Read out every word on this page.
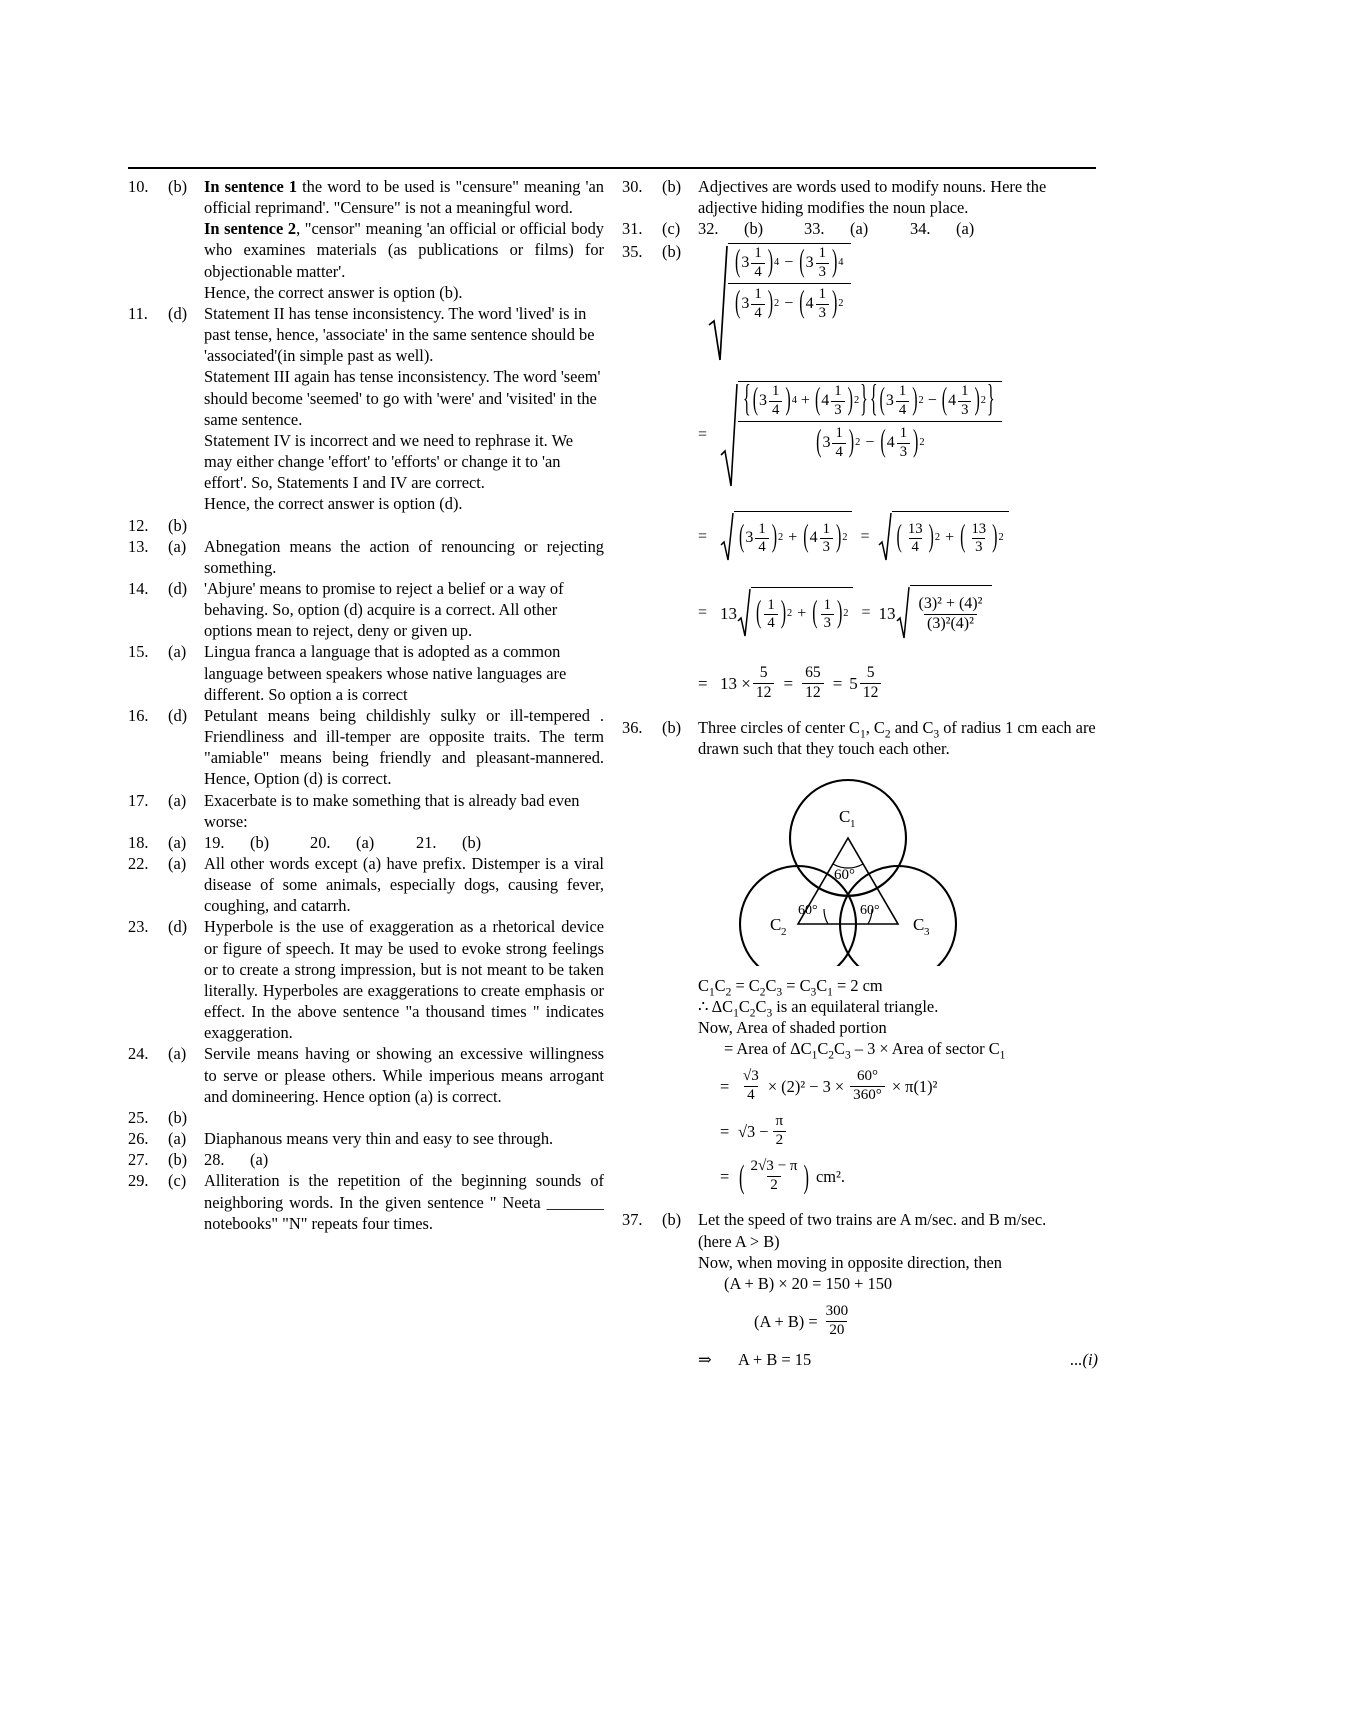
10.	(b)	In sentence 1 the word to be used is "censure" meaning 'an official reprimand'. "Censure" is not a meaningful word.
In sentence 2, "censor" meaning 'an official or official body who examines materials (as publications or films) for objectionable matter'.
Hence, the correct answer is option (b).
11.	(d)	Statement II has tense inconsistency. The word 'lived' is in past tense, hence, 'associate' in the same sentence should be 'associated'(in simple past as well).
Statement III again has tense inconsistency. The word 'seem' should become 'seemed' to go with 'were' and 'visited' in the same sentence.
Statement IV is incorrect and we need to rephrase it. We may either change 'effort' to 'efforts' or change it to 'an effort'. So, Statements I and IV are correct.
Hence, the correct answer is option (d).
12.	(b)
13.	(a)	Abnegation means the action of renouncing or rejecting something.
14.	(d)	'Abjure' means to promise to reject a belief or a way of behaving. So, option (d) acquire is a correct. All other options mean to reject, deny or given up.
15.	(a)	Lingua franca a language that is adopted as a common language between speakers whose native languages are different. So option a is correct
16.	(d)	Petulant means being childishly sulky or ill-tempered . Friendliness and ill-temper are opposite traits. The term "amiable" means being friendly and pleasant-mannered. Hence, Option (d) is correct.
17.	(a)	Exacerbate is to make something that is already bad even worse:
18.	(a)	19.	(b)	20.	(a)	21.	(b)
22.	(a)	All other words except (a) have prefix. Distemper is a viral disease of some animals, especially dogs, causing fever, coughing, and catarrh.
23.	(d)	Hyperbole is the use of exaggeration as a rhetorical device or figure of speech. It may be used to evoke strong feelings or to create a strong impression, but is not meant to be taken literally. Hyperboles are exaggerations to create emphasis or effect. In the above sentence "a thousand times " indicates exaggeration.
24.	(a)	Servile means having or showing an excessive willingness to serve or please others. While imperious means arrogant and domineering. Hence option (a) is correct.
25.	(b)
26.	(a)	Diaphanous means very thin and easy to see through.
27.	(b)	28.	(a)
29.	(c)	Alliteration is the repetition of the beginning sounds of neighboring words. In the given sentence " Neeta _______ notebooks" "N" repeats four times.
30.	(b)	Adjectives are words used to modify nouns. Here the adjective hiding modifies the noun place.
31.	(c)	32.	(b)	33.	(a)	34.	(a)
35.	(b)	( $3 \frac{1}{4}$ ) 4 − ( $3 \frac{1}{3}$ ) 4
( $3 \frac{1}{4}$ ) 2 − ( $4 \frac{1}{3}$ ) 2
=
{ ( $3 \frac{1}{4}$ ) 4 + ( $4 \frac{1}{3}$ ) 2 } { ( $3 \frac{1}{4}$ ) 2 − ( $4 \frac{1}{3}$ ) 2 }
( $3 \frac{1}{4}$ ) 2 − ( $4 \frac{1}{3}$ ) 2
=	( $3 \frac{1}{4}$ ) 2 + ( $4 \frac{1}{3}$ ) 2 = ( $\frac{13}{4}$ ) 2 + ( $\frac{13}{3}$ ) 2
= 13 ( $\frac{1}{4}$ ) 2 + ( $\frac{1}{3}$ ) $2 = 13 \frac{\text{(3)² + (4)²}}{\text{(3)²(4)²}}$
= $13 \times \frac{5}{12} = \frac{65}{12} = 5 \frac{5}{12}$
36.	(b)	Three circles of center $C_1$, $C_2$ and $C_3$ of radius 1 cm each are drawn such that they touch each other.
C 1
C 2	C 3
60°
60°	60°
$C_1C_2 = C_2C_3 = C_3C_1 = 2$ cm
∴ $\Delta C_1C_2C_3$ is an equilateral triangle.
Now, Area of shaded portion
= Area of $\Delta C_1C_2C_3 - 3$ × Area of sector $C_1$
= $\frac{√3}{4} \times (2)^2 - 3 \times \frac{60^\circ}{360^\circ} \times \pi(1)^2$
= $√3 - \frac{\pi}{2}$
= ( $\frac{2√3 - \pi}{2}$ ) cm².
37.	(b)	Let the speed of two trains are A m/sec. and B m/sec.
(here A > B)
Now, when moving in opposite direction, then
(A + B) × 20 = 150 + 150
$(A + B) = \frac{300}{20}$
⇒	A + B = 15	...(i)
